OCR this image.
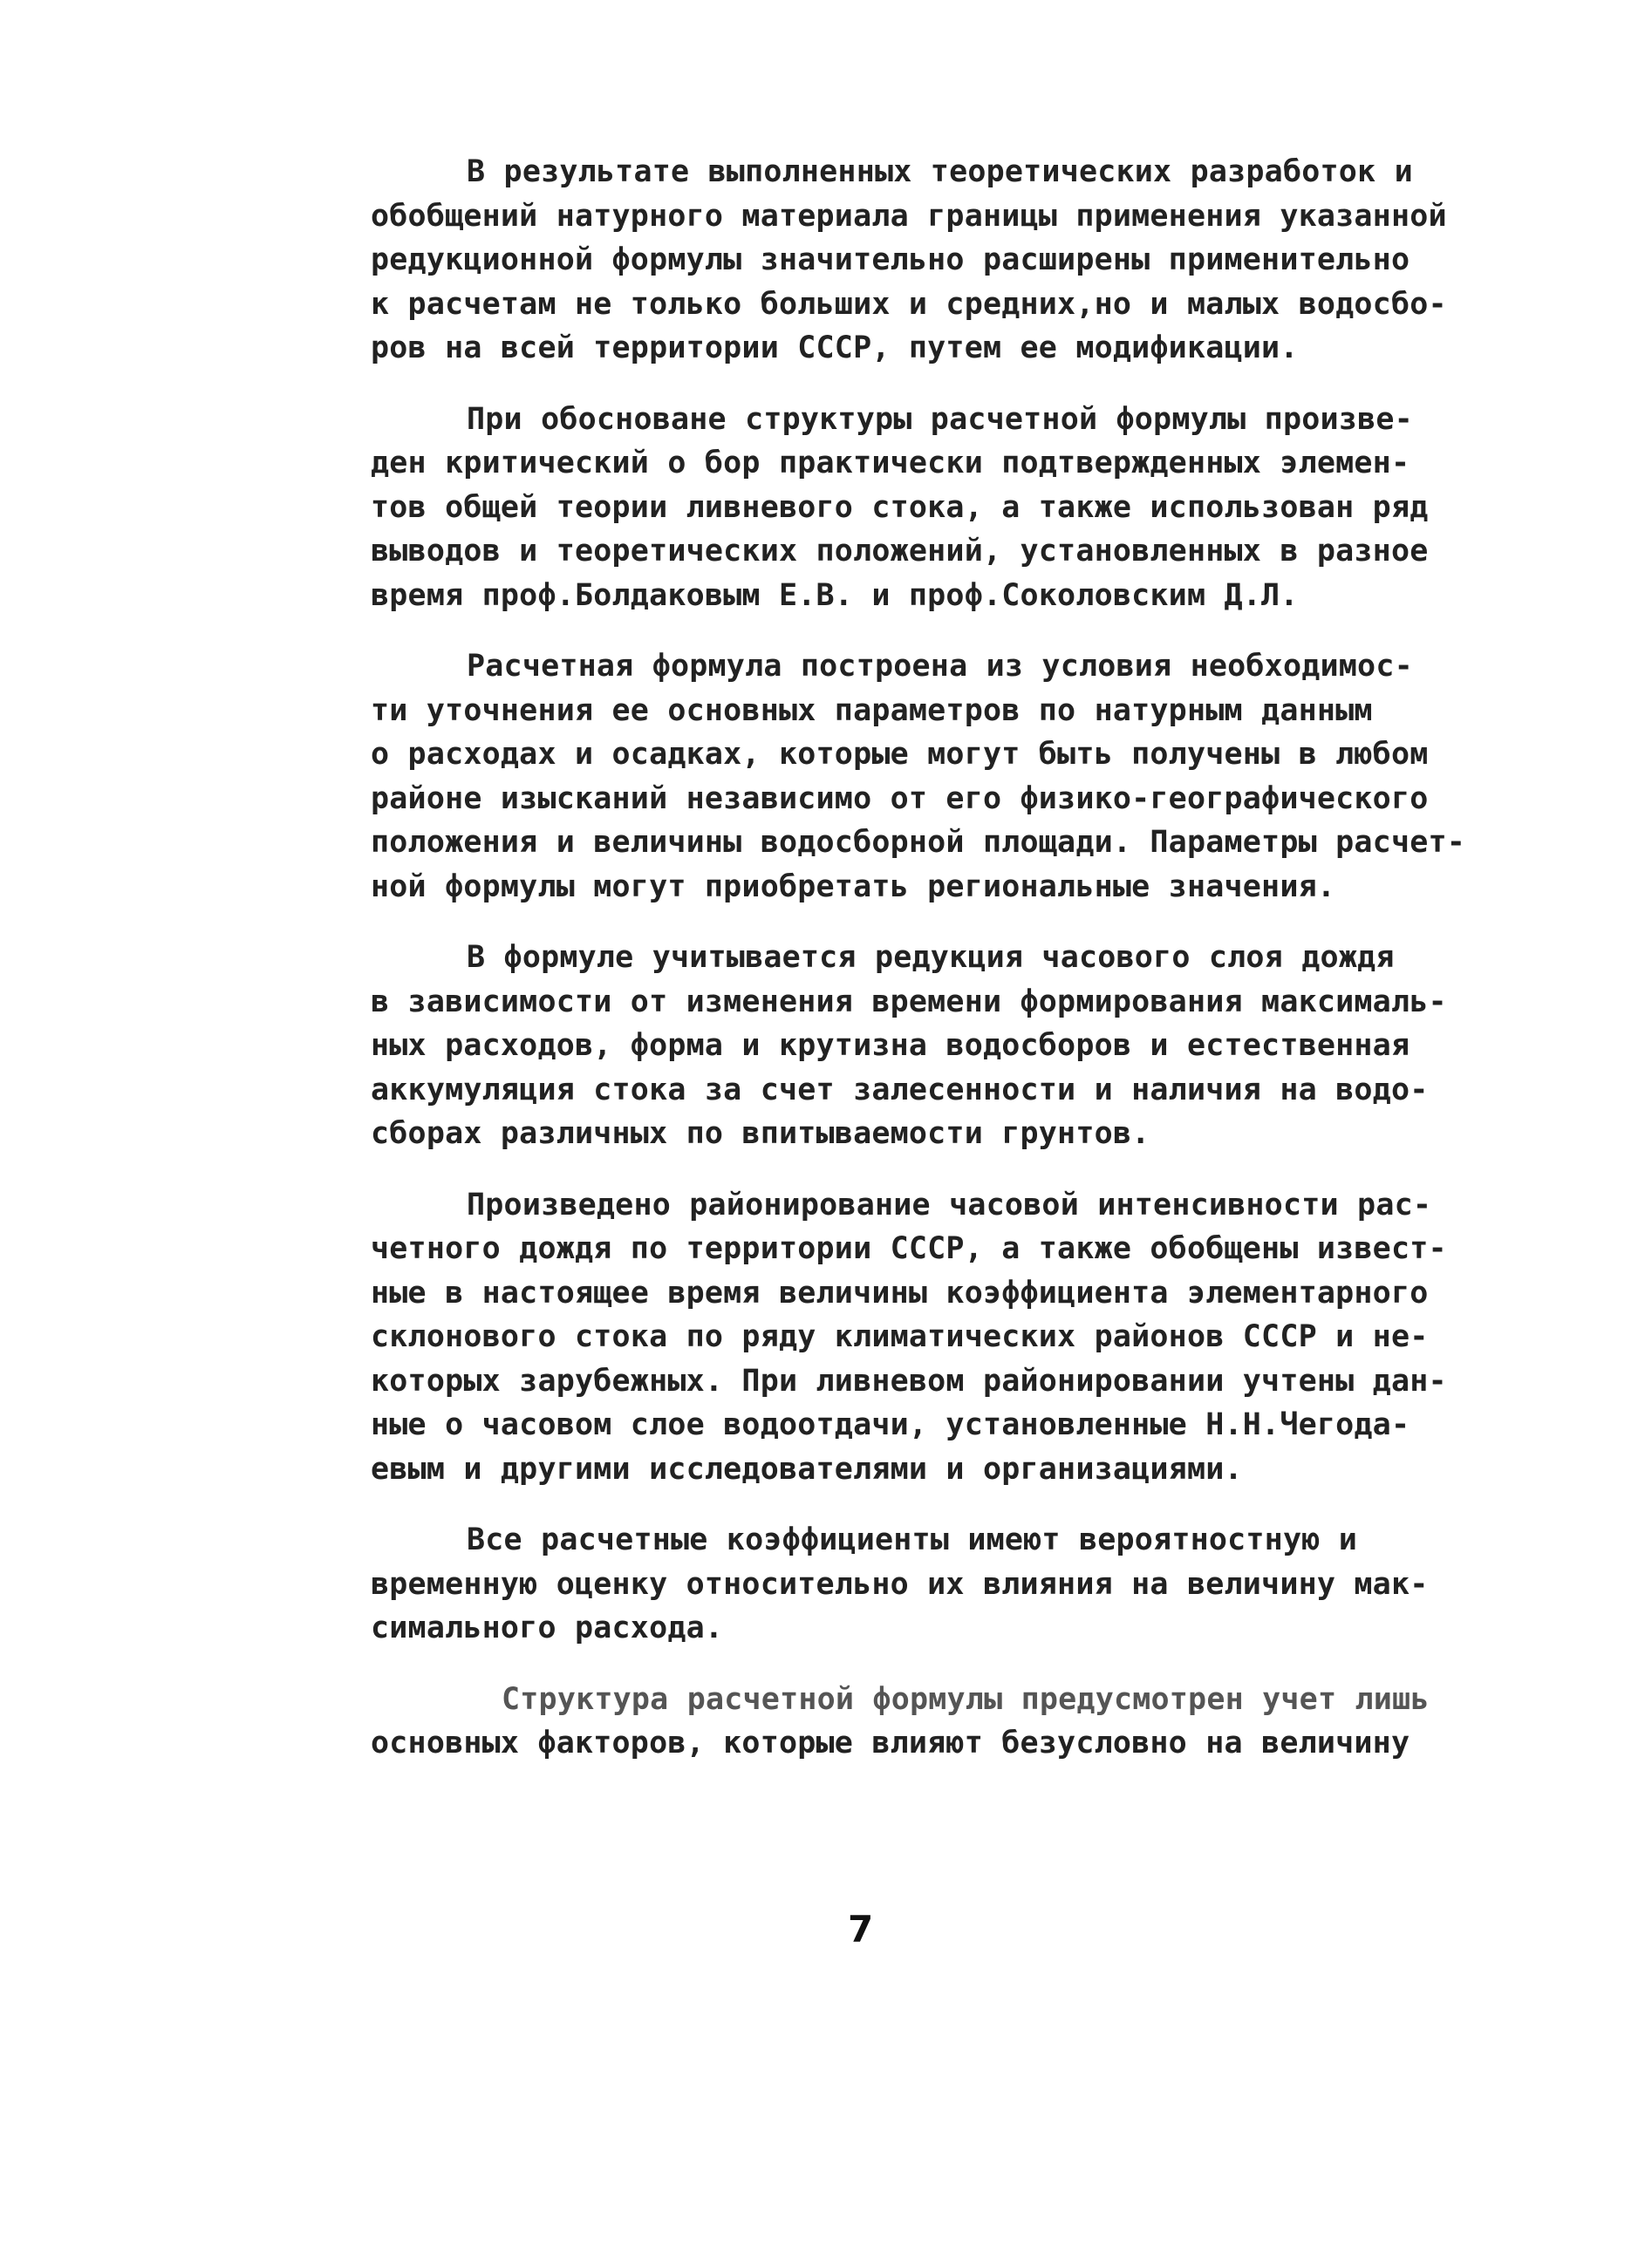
В результате выполненных теоретических разработок и
обобщений натурного материала границы применения указанной
редукционной формулы значительно расширены применительно
к расчетам не только больших и средних,но и малых водосбо-
ров на всей территории СССР, путем ее модификации.
При обосноване структуры расчетной формулы произве-
ден критический о бор практически подтвержденных элемен-
тов общей теории ливневого стока, а также использован ряд
выводов и теоретических положений, установленных в разное
время проф.Болдаковым Е.В. и проф.Соколовским Д.Л.
Расчетная формула построена из условия необходимос-
ти уточнения ее основных параметров по натурным данным
о расходах и осадках, которые могут быть получены в любом
районе изысканий независимо от его физико-географического
положения и величины водосборной площади. Параметры расчет-
ной формулы могут приобретать региональные значения.
В формуле учитывается редукция часового слоя дождя
в зависимости от изменения времени формирования максималь-
ных расходов, форма и крутизна водосборов и естественная
аккумуляция стока за счет залесенности и наличия на водо-
сборах различных по впитываемости грунтов.
Произведено районирование часовой интенсивности рас-
четного дождя по территории СССР, а также обобщены извест-
ные в настоящее время величины коэффициента элементарного
склонового стока по ряду климатических районов СССР и не-
которых зарубежных. При ливневом районировании учтены дан-
ные о часовом слое водоотдачи, установленные Н.Н.Чегода-
евым и другими исследователями и организациями.
Все расчетные коэффициенты имеют вероятностную и
временную оценку относительно их влияния на величину мак-
симального расхода.
Структура расчетной формулы предусмотрен учет лишь
основных факторов, которые влияют безусловно на величину
7
